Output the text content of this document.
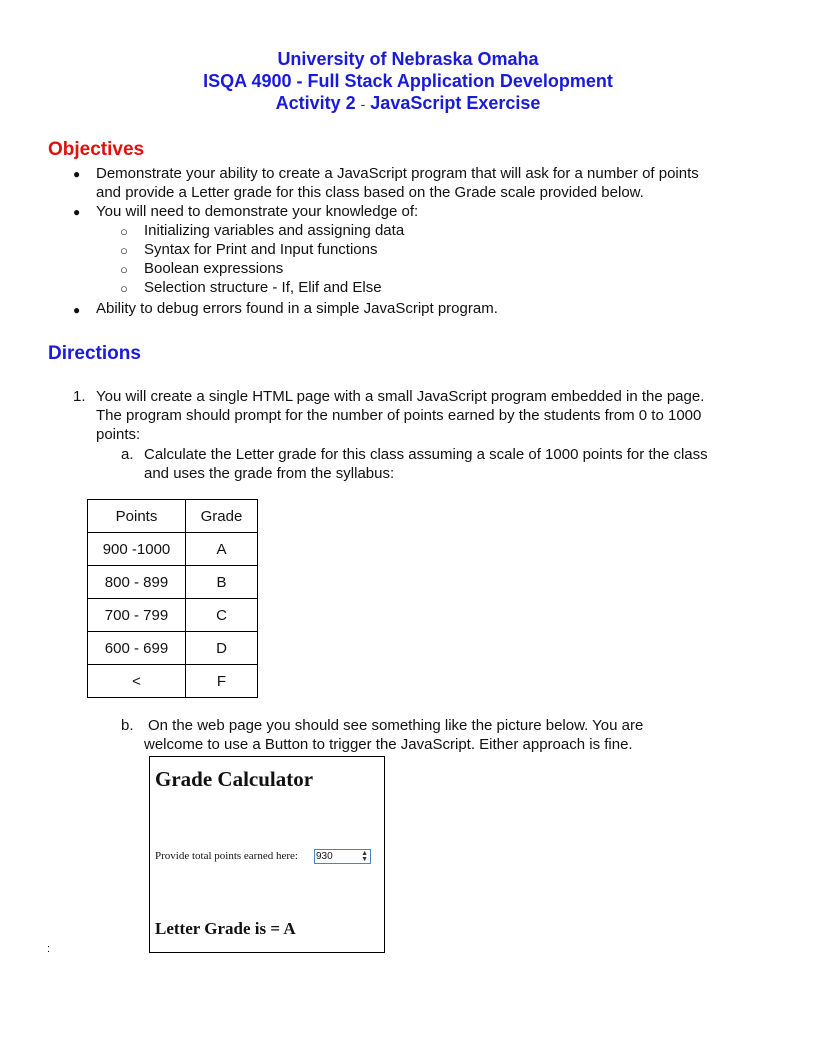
University of Nebraska Omaha
ISQA 4900 - Full Stack Application Development
Activity 2 - JavaScript Exercise
Objectives
● Demonstrate your ability to create a JavaScript program that will ask for a number of points
and provide a Letter grade for this class based on the Grade scale provided below.
● You will need to demonstrate your knowledge of:
○ Initializing variables and assigning data
○ Syntax for Print and Input functions
○ Boolean expressions
○ Selection structure - If, Elif and Else
● Ability to debug errors found in a simple JavaScript program.
Directions
1. You will create a single HTML page with a small JavaScript program embedded in the page.
The program should prompt for the number of points earned by the students from 0 to 1000
points:
a. Calculate the Letter grade for this class assuming a scale of 1000 points for the class
and uses the grade from the syllabus:
Points	Grade
900 -1000	A
800 - 899	B
700 - 799	C
600 - 699	D
<	F
b. On the web page you should see something like the picture below. You are
welcome to use a Button to trigger the JavaScript. Either approach is fine.
Grade Calculator
Provide total points earned here: 930	▲
▼
Letter Grade is = A
:
